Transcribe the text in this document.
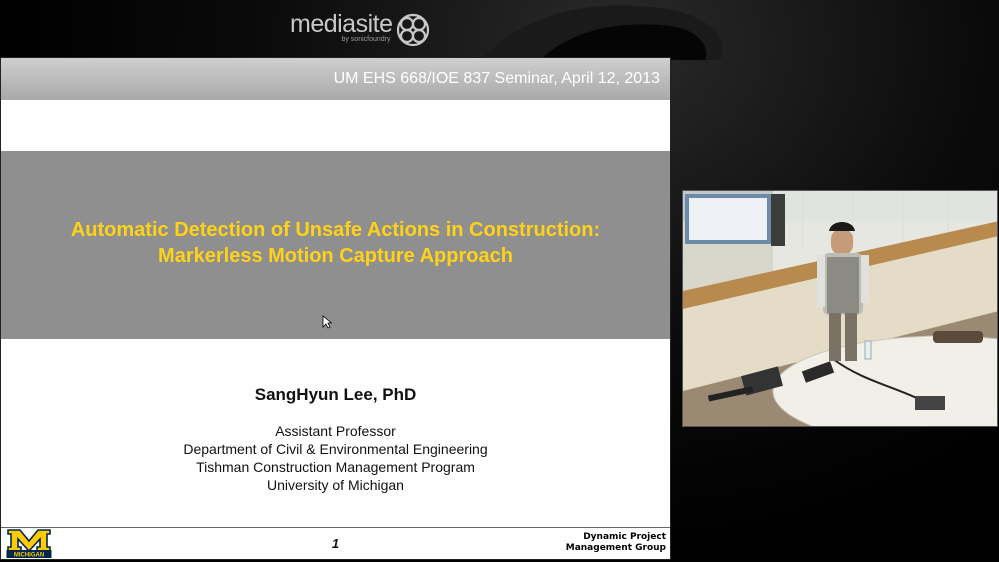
mediasite
by sonicfoundry
UM EHS 668/IOE 837 Seminar, April 12, 2013
Automatic Detection of Unsafe Actions in Construction:
Markerless Motion Capture Approach
SangHyun Lee, PhD
Assistant Professor
Department of Civil & Environmental Engineering
Tishman Construction Management Program
University of Michigan
MICHIGAN
1	Dynamic Project
Management Group
